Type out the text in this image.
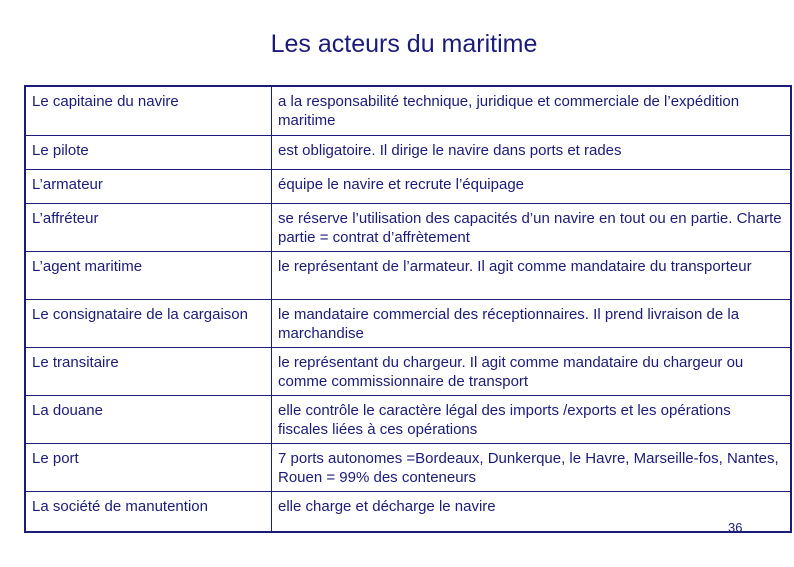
Les acteurs du maritime
Le capitaine du navire	a la responsabilité technique, juridique et commerciale de l’expédition maritime
Le pilote	est obligatoire. Il dirige le navire dans ports et rades
L’armateur	équipe le navire et recrute l’équipage
L’affréteur	se réserve l’utilisation des capacités d’un navire en tout ou en partie. Charte partie = contrat d’affrètement
L’agent maritime	le représentant de l’armateur. Il agit comme mandataire du transporteur
Le consignataire de la cargaison	le mandataire commercial des réceptionnaires. Il prend livraison de la marchandise
Le transitaire	le représentant du chargeur. Il agit comme mandataire du chargeur ou comme commissionnaire de transport
La douane	elle contrôle le caractère légal des imports /exports et les opérations fiscales liées à ces opérations
Le port	7 ports autonomes =Bordeaux, Dunkerque, le Havre, Marseille-fos, Nantes, Rouen = 99% des conteneurs
La société de manutention	elle charge et décharge le navire
36
